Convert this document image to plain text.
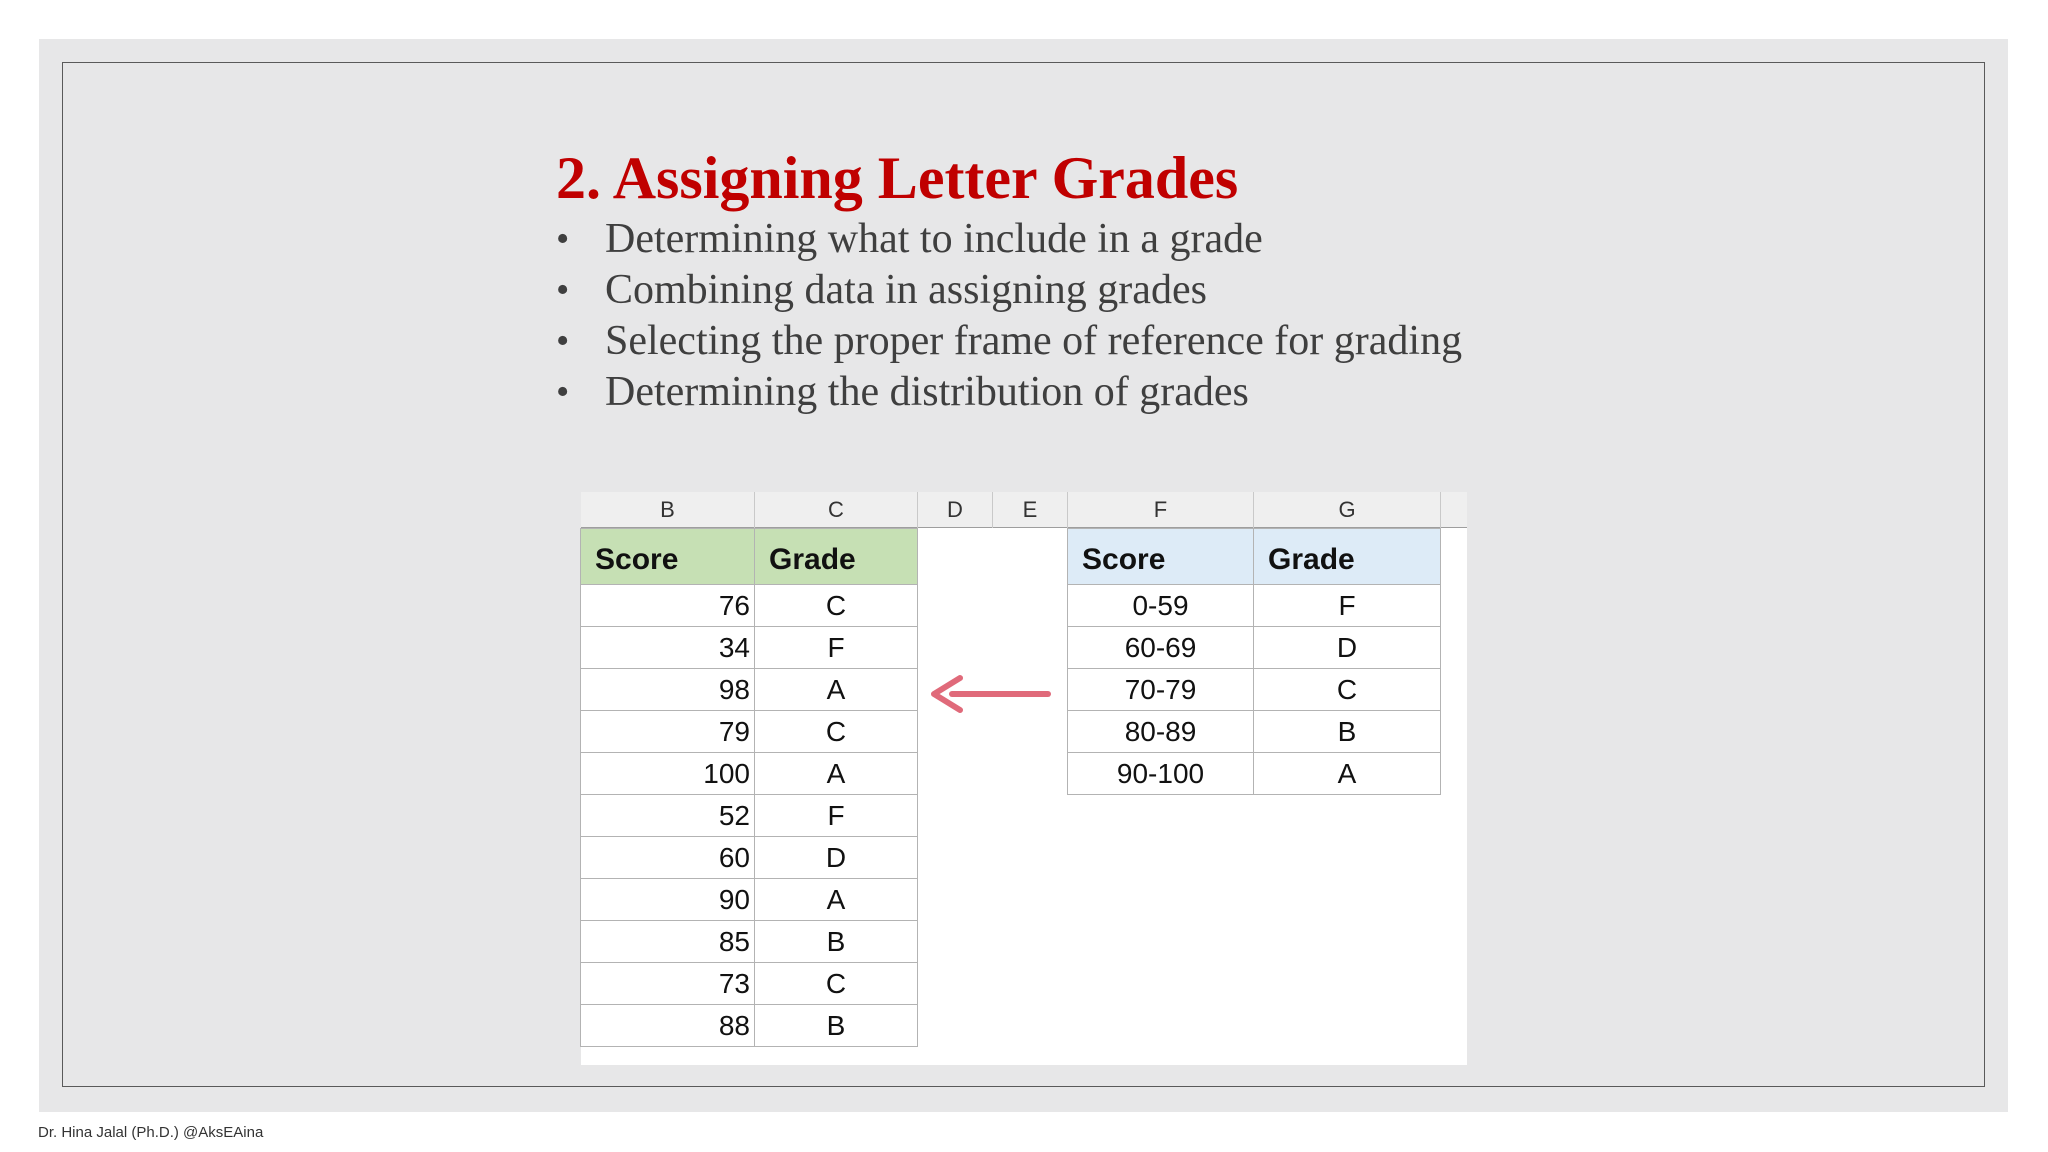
2. Assigning Letter Grades
• Determining what to include in a grade
• Combining data in assigning grades
• Selecting the proper frame of reference for grading
• Determining the distribution of grades
B	C	D	E	F	G
Score	Grade
76	C
34	F
98	A
79	C
100	A
52	F
60	D
90	A
85	B
73	C
88	B
Score	Grade
0-59	F
60-69	D
70-79	C
80-89	B
90-100	A
Dr. Hina Jalal (Ph.D.) @AksEAina
